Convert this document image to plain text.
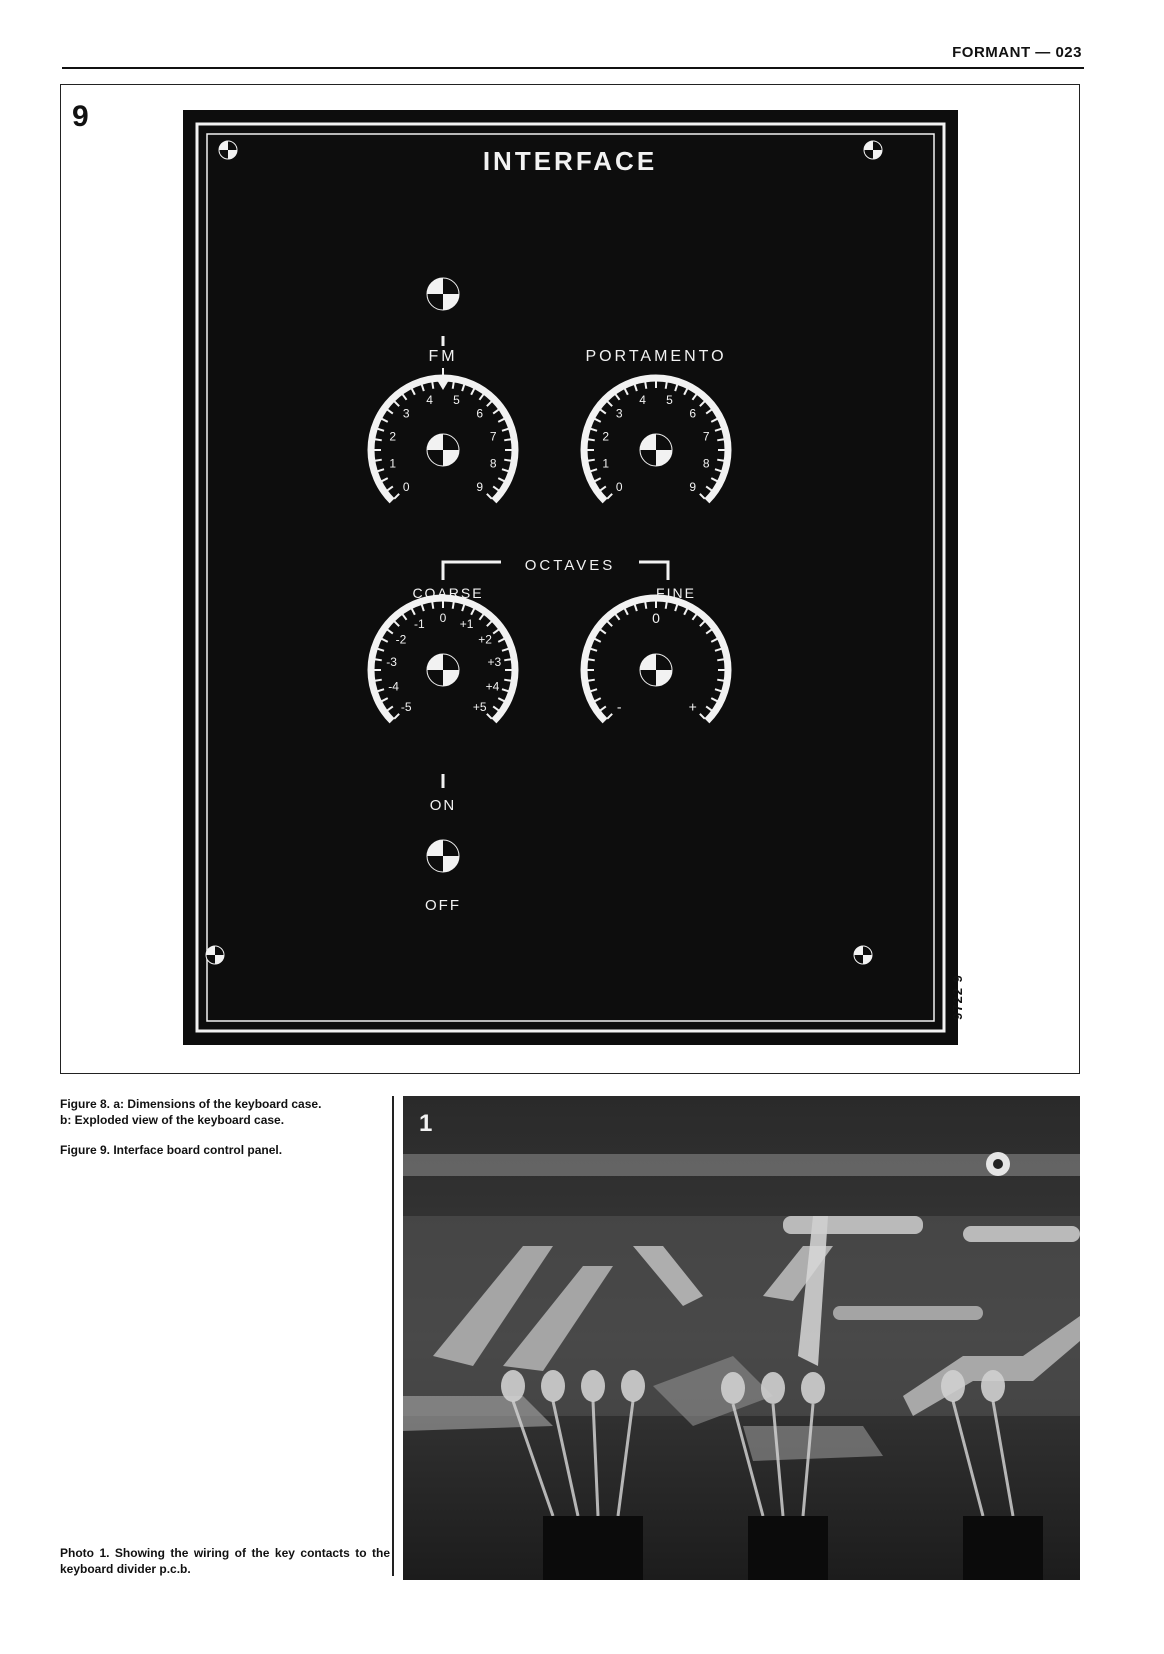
FORMANT — 023
9
INTERFACE
FM	PORTAMENTO
OCTAVES
COARSE	FINE
ON
OFF
0
1
2
3
4 5
6
7
8
9	0
1
2
3
4 5
6
7
8
9
-5
-4
-3
-2
-1 0 +1
+2
+3
+4
+5	-
0
+
9722 9
Figure 8. a: Dimensions of the keyboard case.
b: Exploded view of the keyboard case.
Figure 9. Interface board control panel.
Photo 1. Showing the wiring of the key contacts to the keyboard divider p.c.b.
1
